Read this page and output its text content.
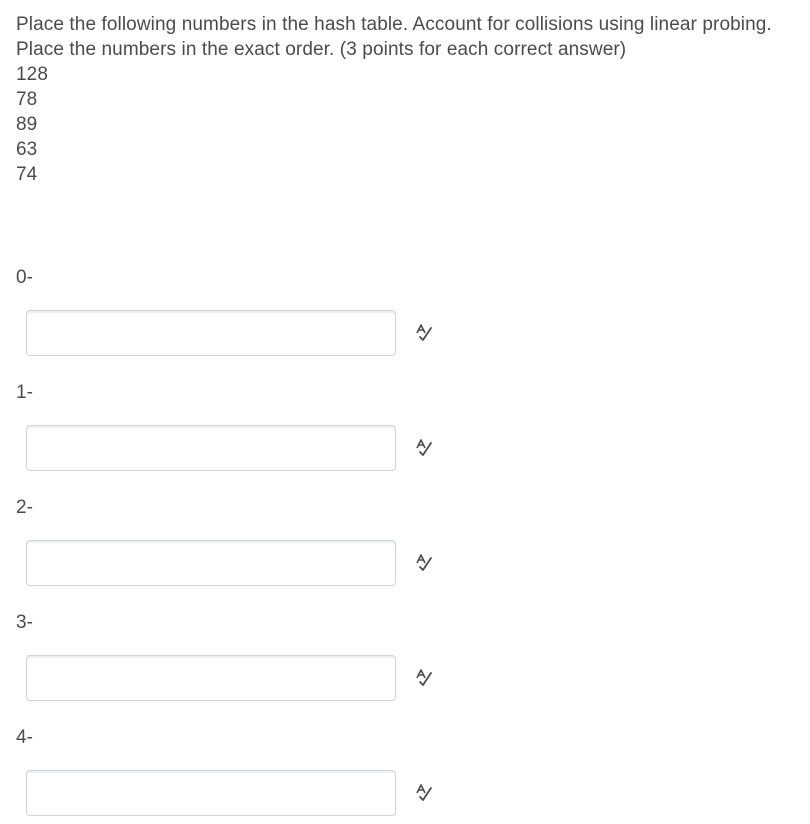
Place the following numbers in the hash table. Account for collisions using linear probing. Place the numbers in the exact order. (3 points for each correct answer)

128
78
89
63
74
0-
1-
2-
3-
4-
